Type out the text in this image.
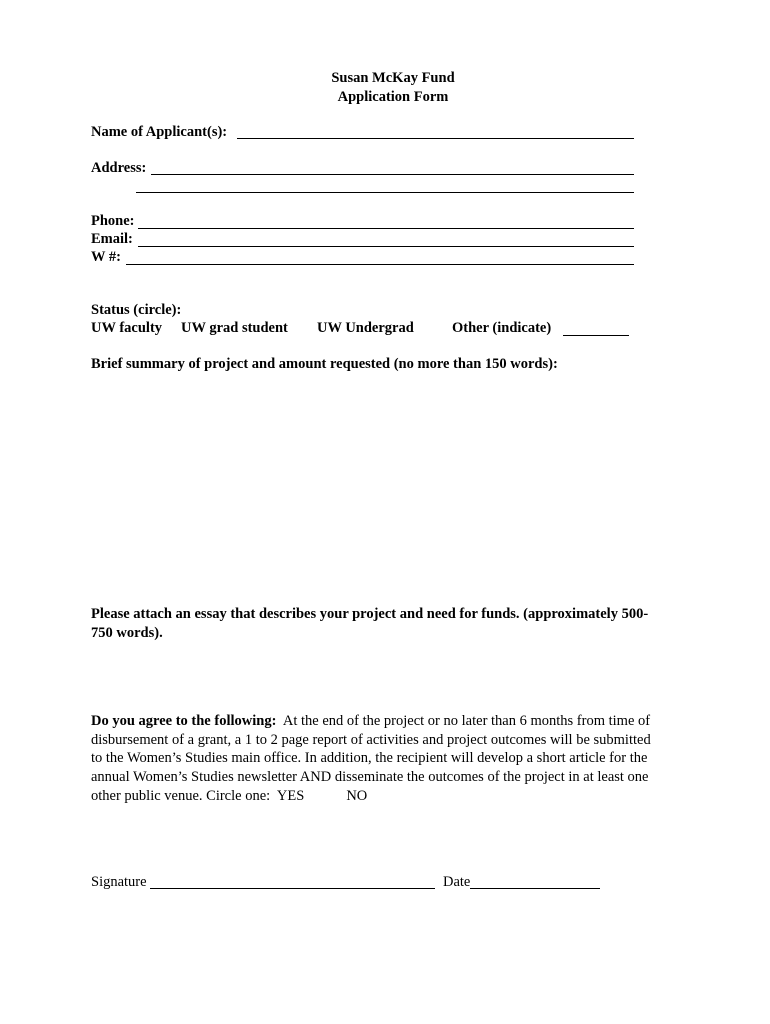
Susan McKay Fund
Application Form
Name of Applicant(s):
Address:
Phone:
Email:
W #:
Status (circle):
UW faculty UW grad student UW Undergrad	Other (indicate)
Brief summary of project and amount requested (no more than 150 words):
Please attach an essay that describes your project and need for funds. (approximately 500-
750 words).

Do you agree to the following: At the end of the project or no later than 6 months from time of

disbursement of a grant, a 1 to 2 page report of activities and project outcomes will be submitted

to the Women’s Studies main office. In addition, the recipient will develop a short article for the

annual Women’s Studies newsletter AND disseminate the outcomes of the project in at least one

other public venue. Circle one: YES	NO

Signature	Date
